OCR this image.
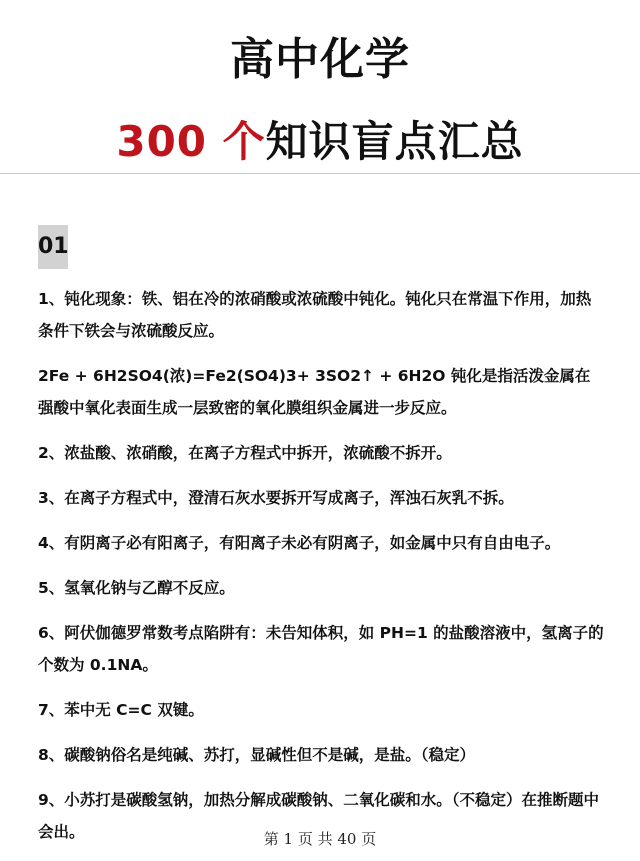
高中化学
300 个知识盲点汇总
01
1、钝化现象：铁、铝在冷的浓硝酸或浓硫酸中钝化。钝化只在常温下作用，加热条件下铁会与浓硫酸反应。
2Fe + 6H2SO4(浓)=Fe2(SO4)3+ 3SO2↑ + 6H2O 钝化是指活泼金属在强酸中氧化表面生成一层致密的氧化膜组织金属进一步反应。
2、浓盐酸、浓硝酸，在离子方程式中拆开，浓硫酸不拆开。
3、在离子方程式中，澄清石灰水要拆开写成离子，浑浊石灰乳不拆。
4、有阴离子必有阳离子，有阳离子未必有阴离子，如金属中只有自由电子。
5、氢氧化钠与乙醇不反应。
6、阿伏伽德罗常数考点陷阱有：未告知体积，如 PH=1 的盐酸溶液中，氢离子的个数为 0.1NA。
7、苯中无 C=C 双键。
8、碳酸钠俗名是纯碱、苏打，显碱性但不是碱，是盐。（稳定）
9、小苏打是碳酸氢钠，加热分解成碳酸钠、二氧化碳和水。（不稳定）在推断题中会出。	第 1 页 共 40 页
